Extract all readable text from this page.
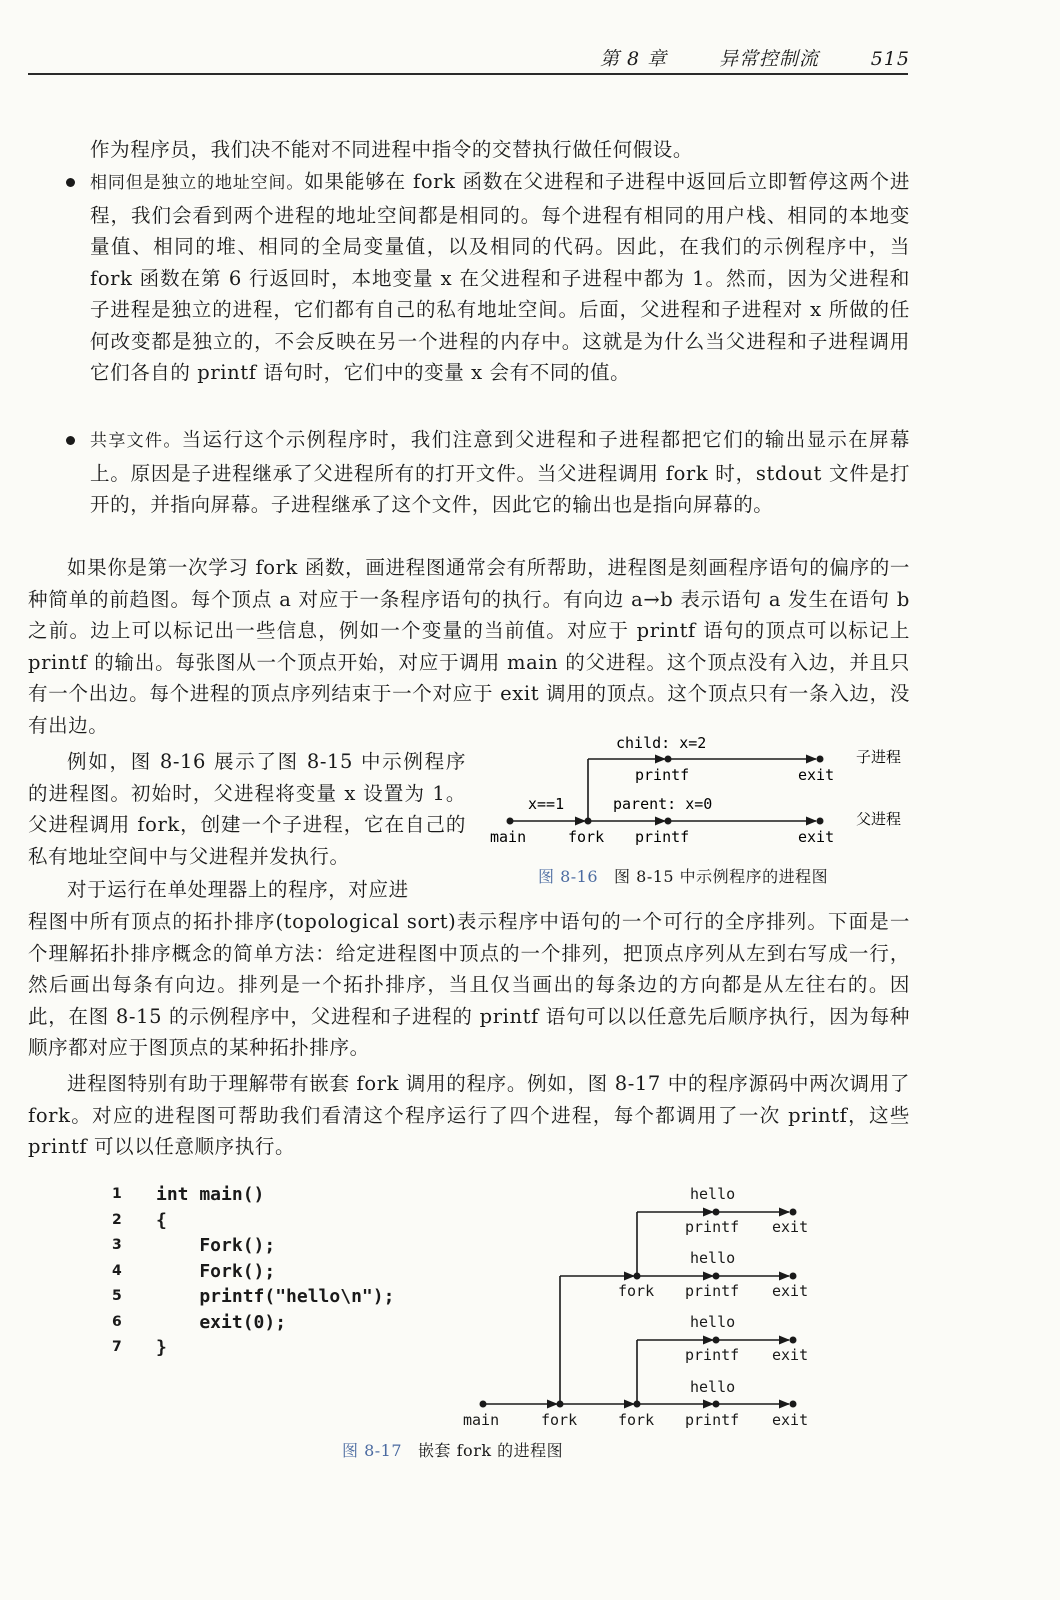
第 8 章	异常控制流	515

作为程序员，我们决不能对不同进程中指令的交替执行做任何假设。

相同但是独立的地址空间。如果能够在 fork 函数在父进程和子进程中返回后立即暂停这两个进程，我们会看到两个进程的地址空间都是相同的。每个进程有相同的用户栈、相同的本地变量值、相同的堆、相同的全局变量值，以及相同的代码。因此，在我们的示例程序中，当 fork 函数在第 6 行返回时，本地变量 x 在父进程和子进程中都为 1。然而，因为父进程和子进程是独立的进程，它们都有自己的私有地址空间。后面，父进程和子进程对 x 所做的任何改变都是独立的，不会反映在另一个进程的内存中。这就是为什么当父进程和子进程调用它们各自的 printf 语句时，它们中的变量 x 会有不同的值。

共享文件。当运行这个示例程序时，我们注意到父进程和子进程都把它们的输出显示在屏幕上。原因是子进程继承了父进程所有的打开文件。当父进程调用 fork 时，stdout 文件是打开的，并指向屏幕。子进程继承了这个文件，因此它的输出也是指向屏幕的。

如果你是第一次学习 fork 函数，画进程图通常会有所帮助，进程图是刻画程序语句的偏序的一种简单的前趋图。每个顶点 a 对应于一条程序语句的执行。有向边 a→b 表示语句 a 发生在语句 b 之前。边上可以标记出一些信息，例如一个变量的当前值。对应于 printf 语句的顶点可以标记上 printf 的输出。每张图从一个顶点开始，对应于调用 main 的父进程。这个顶点没有入边，并且只有一个出边。每个进程的顶点序列结束于一个对应于 exit 调用的顶点。这个顶点只有一条入边，没有出边。

例如，图 8-16 展示了图 8-15 中示例程序的进程图。初始时，父进程将变量 x 设置为 1。父进程调用 fork，创建一个子进程，它在自己的私有地址空间中与父进程并发执行。

对于运行在单处理器上的程序，对应进

child: x=2
printf	exit
x==1	parent: x=0
main	fork printf	exit
子进程
父进程
图 8-16 图 8-15 中示例程序的进程图

程图中所有顶点的拓扑排序(topological sort)表示程序中语句的一个可行的全序排列。下面是一个理解拓扑排序概念的简单方法：给定进程图中顶点的一个排列，把顶点序列从左到右写成一行，然后画出每条有向边。排列是一个拓扑排序，当且仅当画出的每条边的方向都是从左往右的。因此，在图 8-15 的示例程序中，父进程和子进程的 printf 语句可以以任意先后顺序执行，因为每种顺序都对应于图顶点的某种拓扑排序。

进程图特别有助于理解带有嵌套 fork 调用的程序。例如，图 8-17 中的程序源码中两次调用了 fork。对应的进程图可帮助我们看清这个程序运行了四个进程，每个都调用了一次 printf，这些 printf 可以以任意顺序执行。

1	int main()
2	{
3	Fork();
4	Fork();
5	printf("hello\n");
6	exit(0);
7	}
hello
printf exit
hello
fork printf exit
hello
printf exit
hello
main	fork	fork printf exit
图 8-17 嵌套 fork 的进程图
